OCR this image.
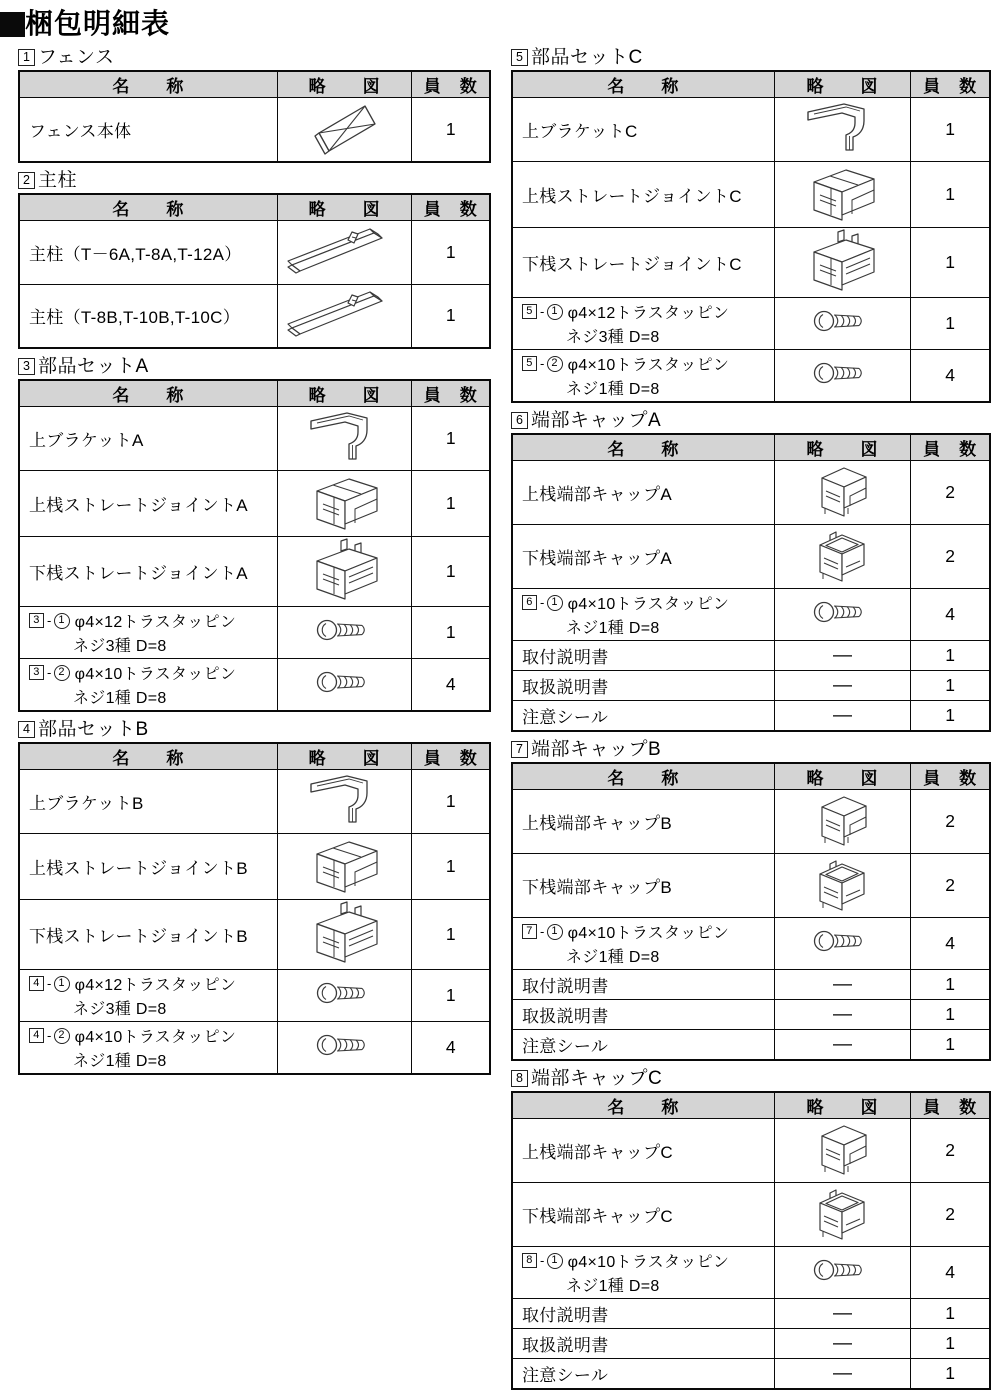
梱包明細表
1 フェンス
名　　称	略　　図	員　数
フェンス本体		1
2 主柱
名　　称	略　　図	員　数
主柱（T－6A,T-8A,T-12A）		1
主柱（T-8B,T-10B,T-10C）		1
3 部品セットA
名　　称	略　　図	員　数
上ブラケットA		1
上桟ストレートジョイントA		1
下桟ストレートジョイントA		1

3 - 1 φ4×12トラスタッピン
ネジ3種 D=8		1

3 - 2 φ4×10トラスタッピン
ネジ1種 D=8		4
4 部品セットB
名　　称	略　　図	員　数
上ブラケットB		1
上桟ストレートジョイントB		1
下桟ストレートジョイントB		1

4 - 1 φ4×12トラスタッピン
ネジ3種 D=8		1

4 - 2 φ4×10トラスタッピン
ネジ1種 D=8		4
5 部品セットC
名　　称	略　　図	員　数
上ブラケットC		1
上桟ストレートジョイントC		1
下桟ストレートジョイントC		1

5 - 1 φ4×12トラスタッピン
ネジ3種 D=8		1

5 - 2 φ4×10トラスタッピン
ネジ1種 D=8		4
6 端部キャップA
名　　称	略　　図	員　数
上桟端部キャップA		2
下桟端部キャップA		2

6 - 1 φ4×10トラスタッピン
ネジ1種 D=8		4
取付説明書	—	1
取扱説明書	—	1
注意シール	—	1
7 端部キャップB
名　　称	略　　図	員　数
上桟端部キャップB		2
下桟端部キャップB		2

7 - 1 φ4×10トラスタッピン
ネジ1種 D=8		4
取付説明書	—	1
取扱説明書	—	1
注意シール	—	1
8 端部キャップC
名　　称	略　　図	員　数
上桟端部キャップC		2
下桟端部キャップC		2

8 - 1 φ4×10トラスタッピン
ネジ1種 D=8		4
取付説明書	—	1
取扱説明書	—	1
注意シール	—	1
